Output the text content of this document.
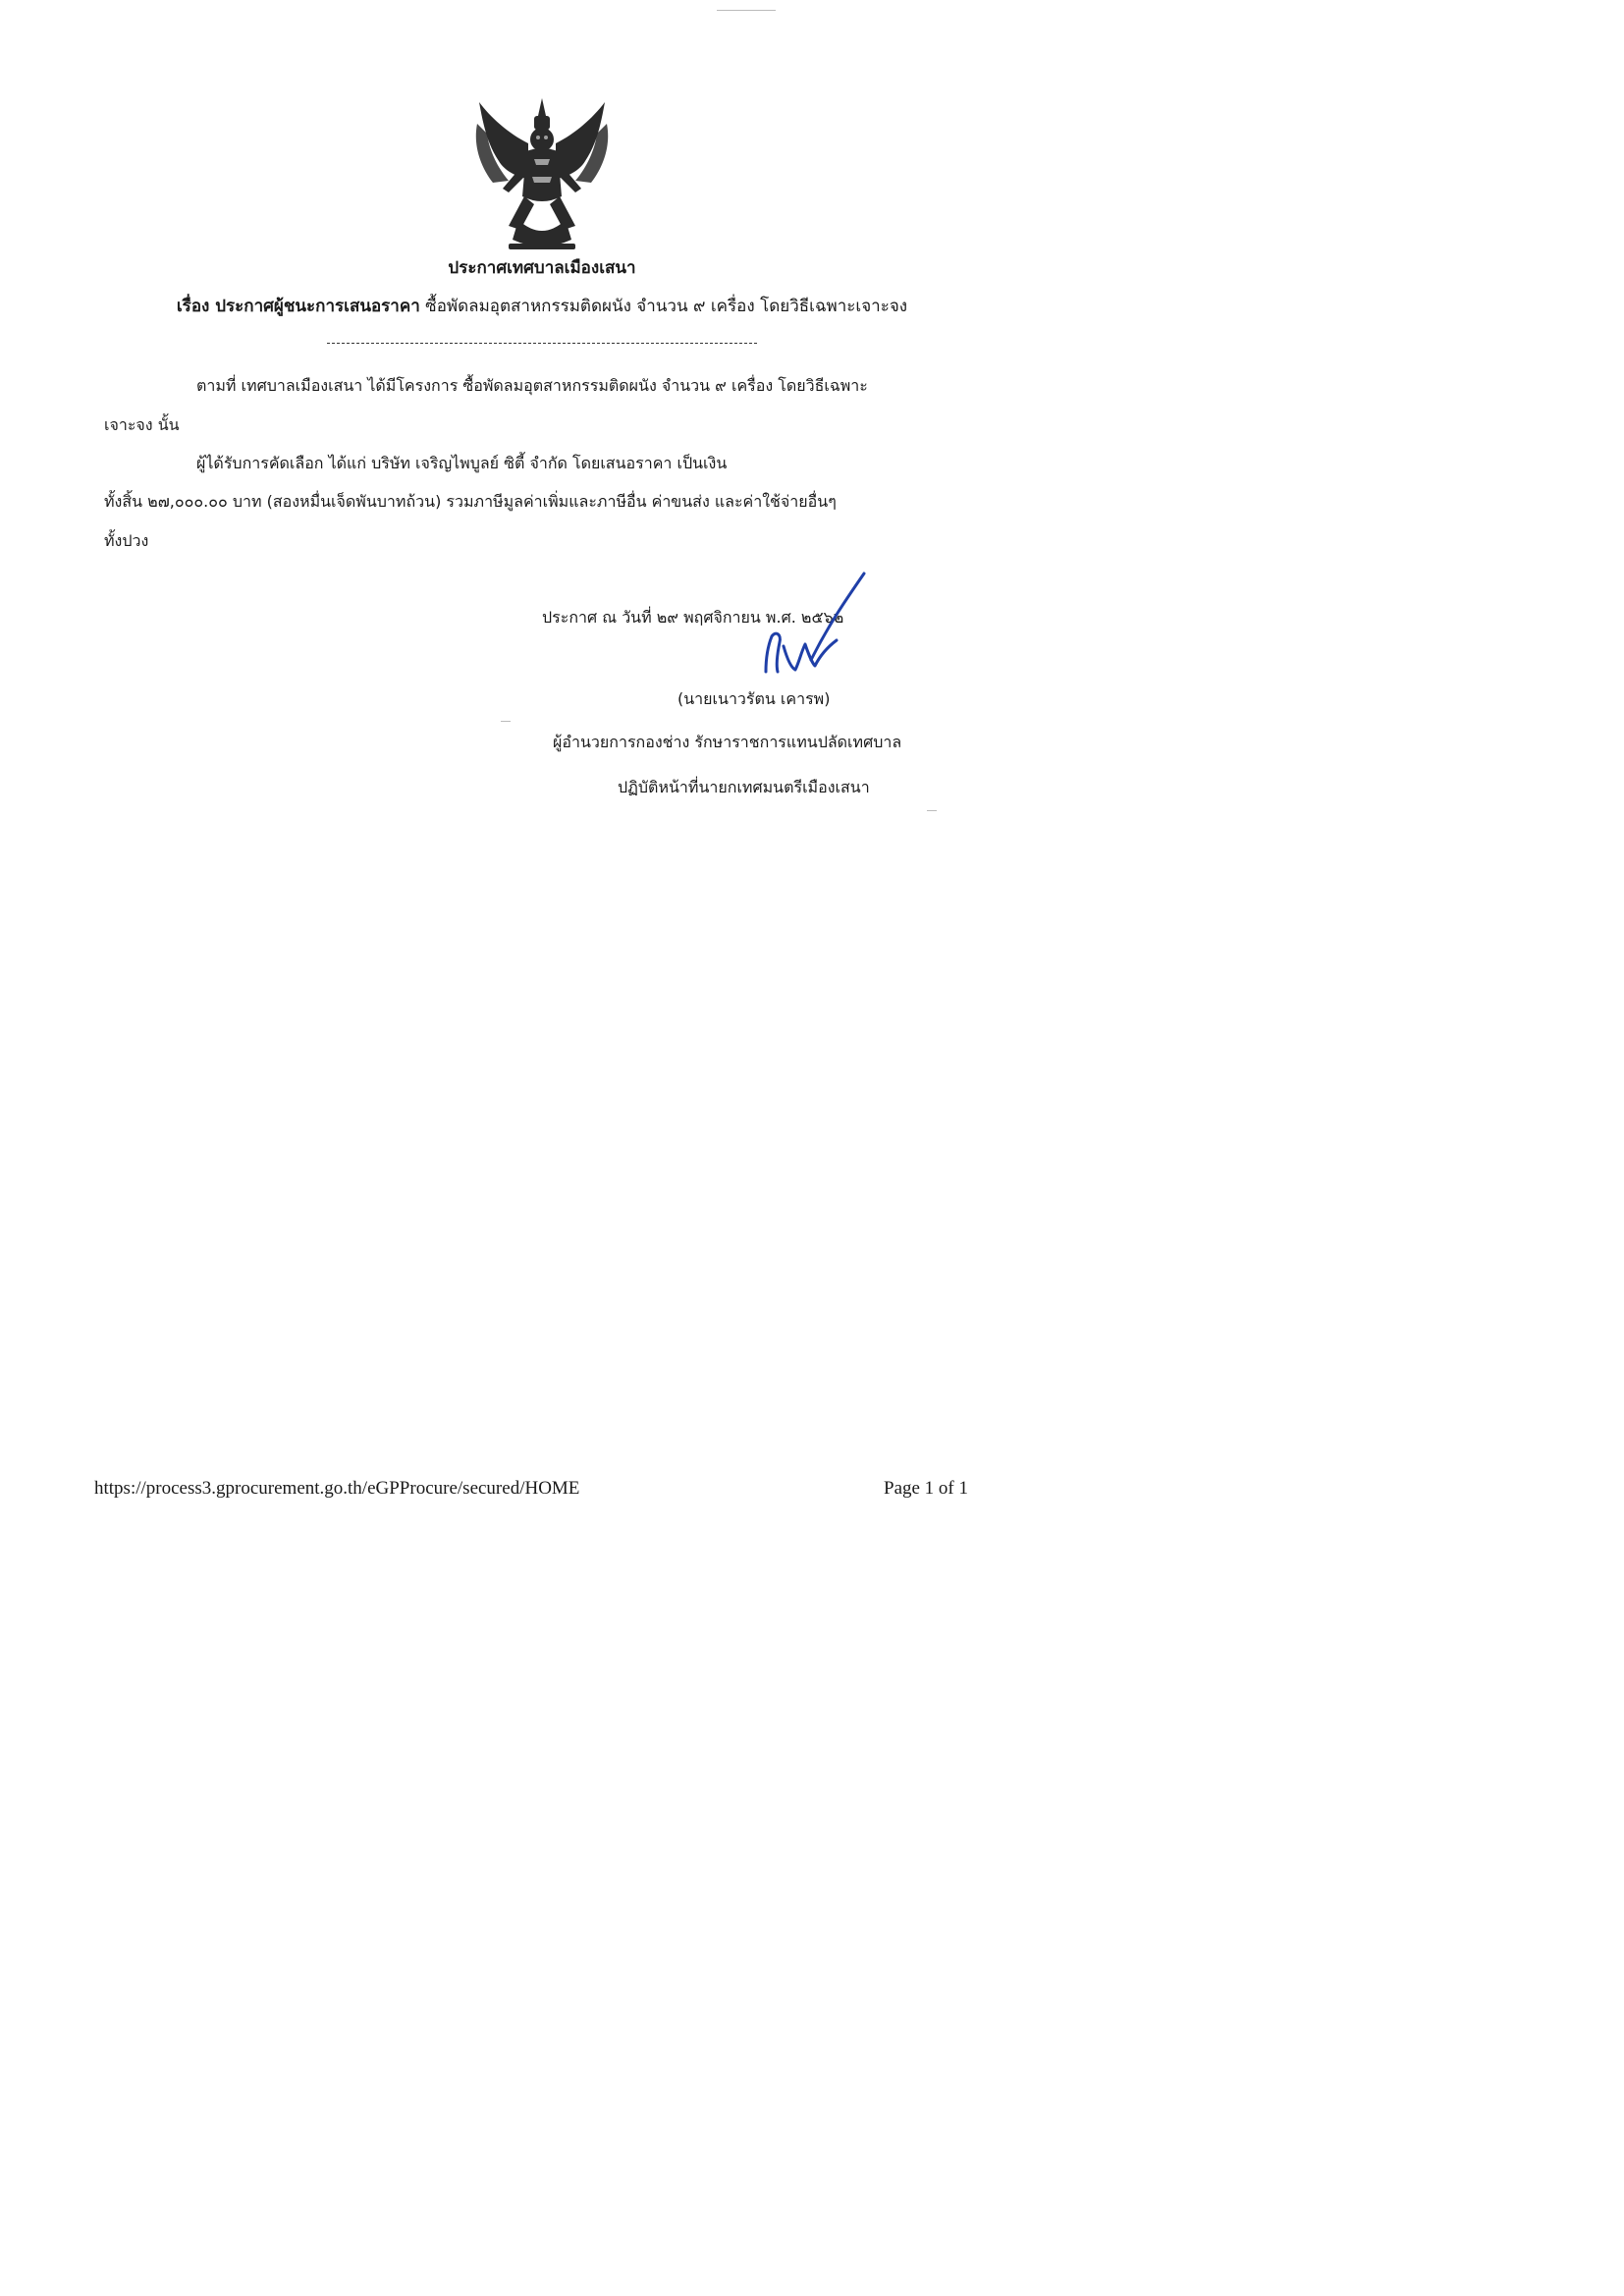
ประกาศเทศบาลเมืองเสนา
เรื่อง ประกาศผู้ชนะการเสนอราคา ซื้อพัดลมอุตสาหกรรมติดผนัง จำนวน ๙ เครื่อง โดยวิธีเฉพาะเจาะจง
ตามที่ เทศบาลเมืองเสนา ได้มีโครงการ ซื้อพัดลมอุตสาหกรรมติดผนัง จำนวน ๙ เครื่อง โดยวิธีเฉพาะ
เจาะจง นั้น
ผู้ได้รับการคัดเลือก ได้แก่ บริษัท เจริญไพบูลย์ ซิตี้ จำกัด โดยเสนอราคา เป็นเงิน
ทั้งสิ้น ๒๗,๐๐๐.๐๐ บาท (สองหมื่นเจ็ดพันบาทถ้วน) รวมภาษีมูลค่าเพิ่มและภาษีอื่น ค่าขนส่ง และค่าใช้จ่ายอื่นๆ
ทั้งปวง
ประกาศ ณ วันที่ ๒๙ พฤศจิกายน พ.ศ. ๒๕๖๒
(นายเนาวรัตน เคารพ)
ผู้อำนวยการกองช่าง รักษาราชการแทนปลัดเทศบาล
ปฏิบัติหน้าที่นายกเทศมนตรีเมืองเสนา
https://process3.gprocurement.go.th/eGPProcure/secured/HOME	Page 1 of 1
